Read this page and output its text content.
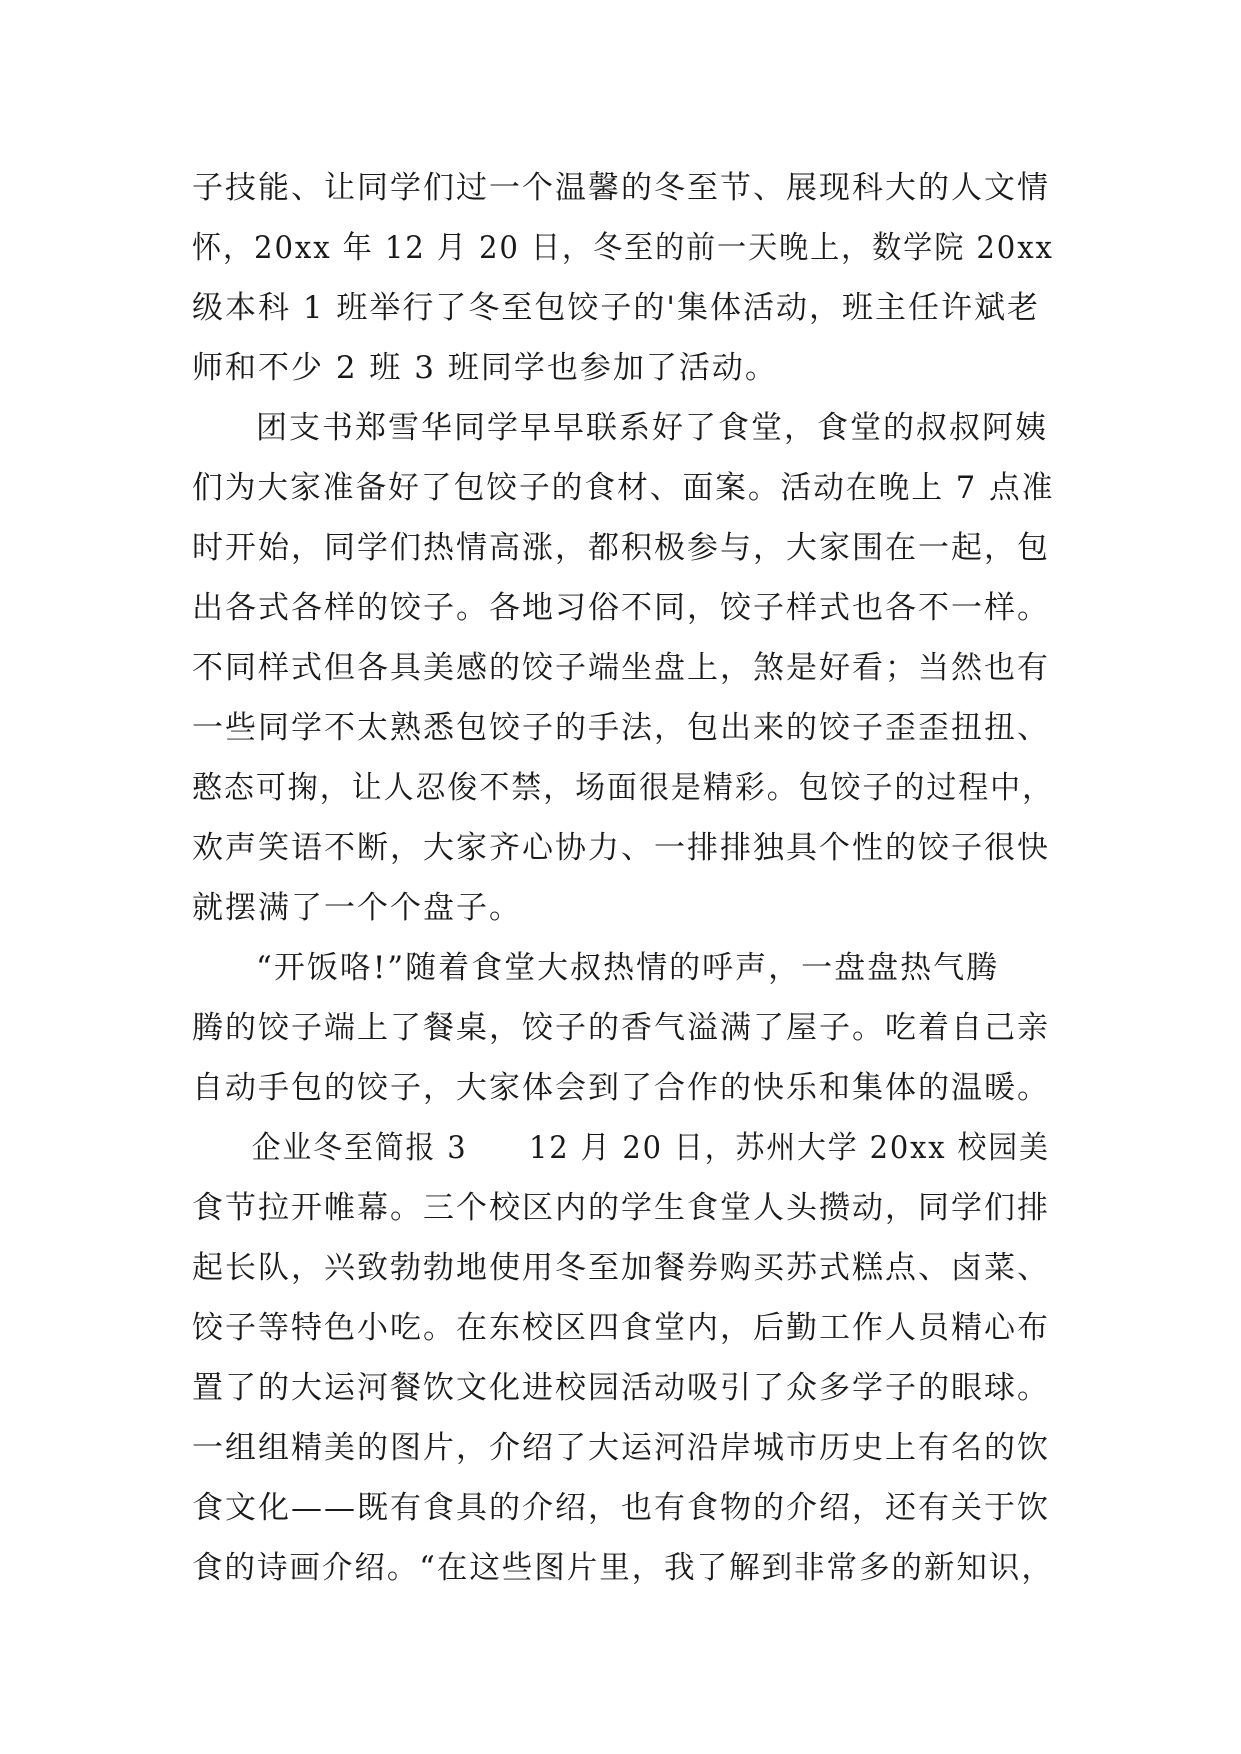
子技能、让同学们过一个温馨的冬至节、展现科大的人文情
怀，20xx 年 12 月 20 日，冬至的前一天晚上，数学院 20xx
级本科 1 班举行了冬至包饺子的'集体活动，班主任许斌老
师和不少 2 班 3 班同学也参加了活动。
团支书郑雪华同学早早联系好了食堂，食堂的叔叔阿姨
们为大家准备好了包饺子的食材、面案。活动在晚上 7 点准
时开始，同学们热情高涨，都积极参与，大家围在一起，包
出各式各样的饺子。各地习俗不同，饺子样式也各不一样。
不同样式但各具美感的饺子端坐盘上，煞是好看；当然也有
一些同学不太熟悉包饺子的手法，包出来的饺子歪歪扭扭、
憨态可掬，让人忍俊不禁，场面很是精彩。包饺子的过程中，
欢声笑语不断，大家齐心协力、一排排独具个性的饺子很快
就摆满了一个个盘子。
“开饭咯!”随着食堂大叔热情的呼声，一盘盘热气腾
腾的饺子端上了餐桌，饺子的香气溢满了屋子。吃着自己亲
自动手包的饺子，大家体会到了合作的快乐和集体的温暖。
企业冬至简报 3　　12 月 20 日，苏州大学 20xx 校园美
食节拉开帷幕。三个校区内的学生食堂人头攒动，同学们排
起长队，兴致勃勃地使用冬至加餐券购买苏式糕点、卤菜、
饺子等特色小吃。在东校区四食堂内，后勤工作人员精心布
置了的大运河餐饮文化进校园活动吸引了众多学子的眼球。
一组组精美的图片，介绍了大运河沿岸城市历史上有名的饮
食文化——既有食具的介绍，也有食物的介绍，还有关于饮
食的诗画介绍。“在这些图片里，我了解到非常多的新知识，
